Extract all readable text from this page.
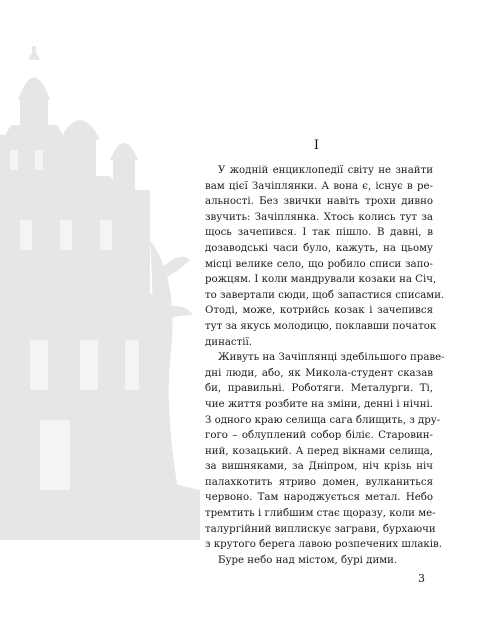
I
У жодній енциклопедії світу не знайти
вам цієї Зачіплянки. А вона є, існує в ре-
альності. Без звички навіть трохи дивно
звучить: Зачіплянка. Хтось колись тут за
щось зачепився. І так пішло. В давні, в
дозаводські часи було, кажуть, на цьому
місці велике село, що робило списи запо-
рожцям. І коли мандрували козаки на Січ,
то завертали сюди, щоб запастися списами.
Отоді, може, котрийсь козак і зачепився
тут за якусь молодицю, поклавши початок
династії.
Живуть на Зачіплянці здебільшого праве-
дні люди, або, як Микола-студент сказав
би, правильні. Роботяги. Металурги. Ті,
чие життя розбите на зміни, денні і нічні.
З одного краю селища сага блищить, з дру-
гого – облуплений собор біліє. Старовин-
ний, козацький. А перед вікнами селища,
за вишняками, за Дніпром, ніч крізь ніч
палахкотить ятриво домен, вулканиться
червоно. Там народжується метал. Небо
тремтить і глибшим стає щоразу, коли ме-
талургійний виплискує заграви, бурхаючи
з крутого берега лавою розпечених шлаків.
Буре небо над містом, бурі дими.
3
